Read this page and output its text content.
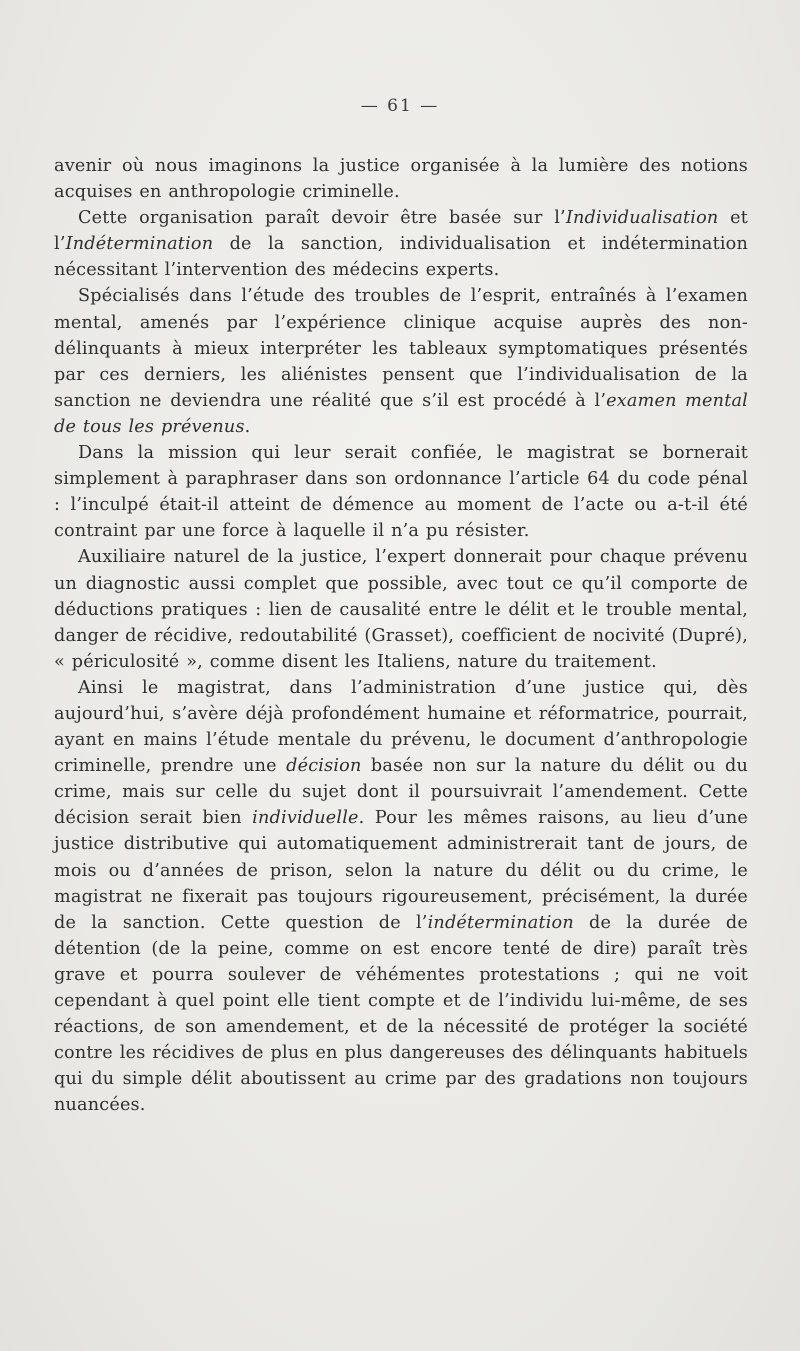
— 61 —

avenir où nous imaginons la justice organisée à la lumière des notions acquises en anthropologie criminelle.

Cette organisation paraît devoir être basée sur l’Individualisation et l’Indétermination de la sanction, individualisation et indétermination nécessitant l’intervention des médecins experts.

Spécialisés dans l’étude des troubles de l’esprit, entraînés à l’examen mental, amenés par l’expérience clinique acquise auprès des non-délinquants à mieux interpréter les tableaux symptomatiques présentés par ces derniers, les aliénistes pensent que l’individualisation de la sanction ne deviendra une réalité que s’il est procédé à l’examen mental de tous les prévenus.

Dans la mission qui leur serait confiée, le magistrat se bornerait simplement à paraphraser dans son ordonnance l’article 64 du code pénal : l’inculpé était-il atteint de démence au moment de l’acte ou a-t-il été contraint par une force à laquelle il n’a pu résister.

Auxiliaire naturel de la justice, l’expert donnerait pour chaque prévenu un diagnostic aussi complet que possible, avec tout ce qu’il comporte de déductions pratiques : lien de causalité entre le délit et le trouble mental, danger de récidive, redoutabilité (Grasset), coefficient de nocivité (Dupré), « périculosité », comme disent les Italiens, nature du traitement.

Ainsi le magistrat, dans l’administration d’une justice qui, dès aujourd’hui, s’avère déjà profondément humaine et réformatrice, pourrait, ayant en mains l’étude mentale du prévenu, le document d’anthropologie criminelle, prendre une décision basée non sur la nature du délit ou du crime, mais sur celle du sujet dont il poursuivrait l’amendement. Cette décision serait bien individuelle. Pour les mêmes raisons, au lieu d’une justice distributive qui automatiquement administrerait tant de jours, de mois ou d’années de prison, selon la nature du délit ou du crime, le magistrat ne fixerait pas toujours rigoureusement, précisément, la durée de la sanction. Cette question de l’indétermination de la durée de détention (de la peine, comme on est encore tenté de dire) paraît très grave et pourra soulever de véhémentes protestations ; qui ne voit cependant à quel point elle tient compte et de l’individu lui-même, de ses réactions, de son amendement, et de la nécessité de protéger la société contre les récidives de plus en plus dangereuses des délinquants habituels qui du simple délit aboutissent au crime par des gradations non toujours nuancées.
